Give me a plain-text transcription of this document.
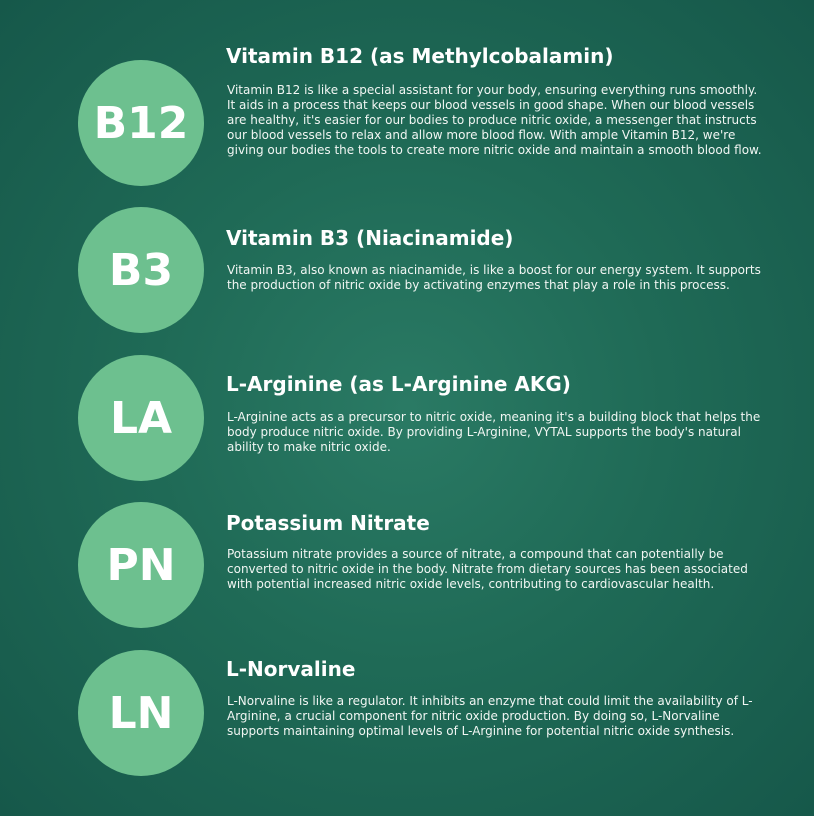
B12
Vitamin B12 (as Methylcobalamin)
Vitamin B12 is like a special assistant for your body, ensuring everything runs smoothly. It aids in a process that keeps our blood vessels in good shape. When our blood vessels are healthy, it's easier for our bodies to produce nitric oxide, a messenger that instructs our blood vessels to relax and allow more blood flow. With ample Vitamin B12, we're giving our bodies the tools to create more nitric oxide and maintain a smooth blood flow.
B3
Vitamin B3 (Niacinamide)
Vitamin B3, also known as niacinamide, is like a boost for our energy system. It supports the production of nitric oxide by activating enzymes that play a role in this process.
LA
L-Arginine (as L-Arginine AKG)
L-Arginine acts as a precursor to nitric oxide, meaning it's a building block that helps the body produce nitric oxide. By providing L-Arginine, VYTAL supports the body's natural ability to make nitric oxide.
PN
Potassium Nitrate
Potassium nitrate provides a source of nitrate, a compound that can potentially be converted to nitric oxide in the body. Nitrate from dietary sources has been associated with potential increased nitric oxide levels, contributing to cardiovascular health.
LN
L-Norvaline
L-Norvaline is like a regulator. It inhibits an enzyme that could limit the availability of L-Arginine, a crucial component for nitric oxide production. By doing so, L-Norvaline supports maintaining optimal levels of L-Arginine for potential nitric oxide synthesis.
